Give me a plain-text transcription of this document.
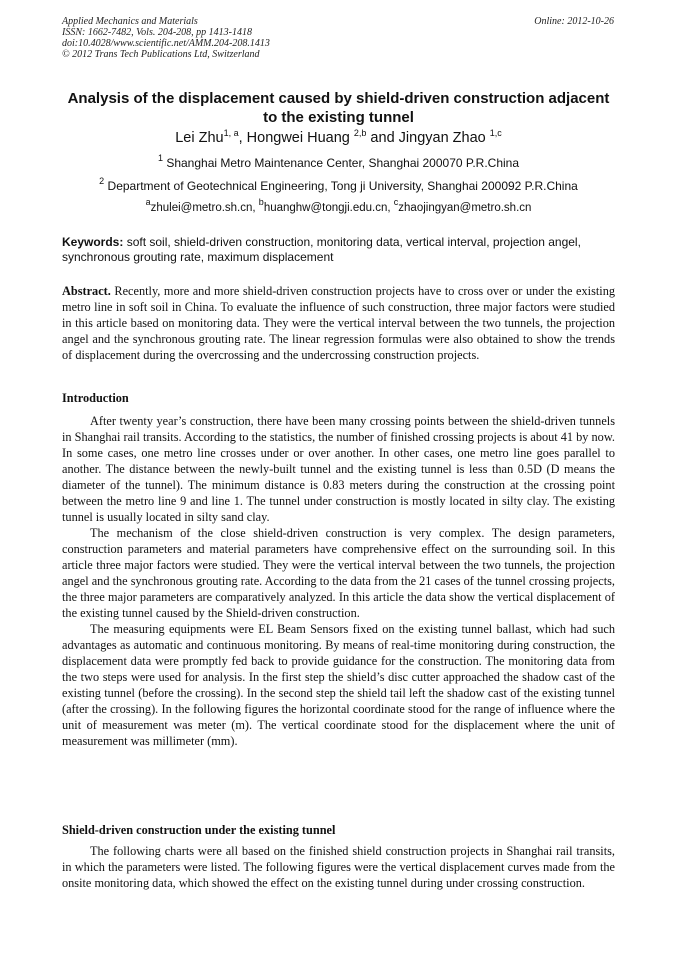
Applied Mechanics and Materials
ISSN: 1662-7482, Vols. 204-208, pp 1413-1418
doi:10.4028/www.scientific.net/AMM.204-208.1413
© 2012 Trans Tech Publications Ltd, Switzerland
Online: 2012-10-26
Analysis of the displacement caused by shield-driven construction adjacent to the existing tunnel
Lei Zhu$^{1, a}$, Hongwei Huang $^{2,b}$ and Jingyan Zhao $^{1,c}$
$^1$ Shanghai Metro Maintenance Center, Shanghai 200070 P.R.China
$^2$ Department of Geotechnical Engineering, Tong ji University, Shanghai 200092 P.R.China
$^a$zhulei@metro.sh.cn, $^b$huanghw@tongji.edu.cn, $^c$zhaojingyan@metro.sh.cn
Keywords: soft soil, shield-driven construction, monitoring data, vertical interval, projection angel, synchronous grouting rate, maximum displacement
Abstract. Recently, more and more shield-driven construction projects have to cross over or under the existing metro line in soft soil in China. To evaluate the influence of such construction, three major factors were studied in this article based on monitoring data. They were the vertical interval between the two tunnels, the projection angel and the synchronous grouting rate. The linear regression formulas were also obtained to show the trends of displacement during the overcrossing and the undercrossing construction projects.
Introduction

After twenty year’s construction, there have been many crossing points between the shield-driven tunnels in Shanghai rail transits. According to the statistics, the number of finished crossing projects is about 41 by now. In some cases, one metro line crosses under or over another. In other cases, one metro line goes parallel to another. The distance between the newly-built tunnel and the existing tunnel is less than 0.5D (D means the diameter of the tunnel). The minimum distance is 0.83 meters during the construction at the crossing point between the metro line 9 and line 1. The tunnel under construction is mostly located in silty clay. The existing tunnel is usually located in silty sand clay.

The mechanism of the close shield-driven construction is very complex. The design parameters, construction parameters and material parameters have comprehensive effect on the surrounding soil. In this article three major factors were studied. They were the vertical interval between the two tunnels, the projection angel and the synchronous grouting rate. According to the data from the 21 cases of the tunnel crossing projects, the three major parameters are comparatively analyzed. In this article the data show the vertical displacement of the existing tunnel caused by the Shield-driven construction.

The measuring equipments were EL Beam Sensors fixed on the existing tunnel ballast, which had such advantages as automatic and continuous monitoring. By means of real-time monitoring during construction, the displacement data were promptly fed back to provide guidance for the construction. The monitoring data from the two steps were used for analysis. In the first step the shield’s disc cutter approached the shadow cast of the existing tunnel (before the crossing). In the second step the shield tail left the shadow cast of the existing tunnel (after the crossing). In the following figures the horizontal coordinate stood for the range of influence where the unit of measurement was meter (m). The vertical coordinate stood for the displacement where the unit of measurement was millimeter (mm).

Shield-driven construction under the existing tunnel

The following charts were all based on the finished shield construction projects in Shanghai rail transits, in which the parameters were listed. The following figures were the vertical displacement curves made from the onsite monitoring data, which showed the effect on the existing tunnel during under crossing construction.
